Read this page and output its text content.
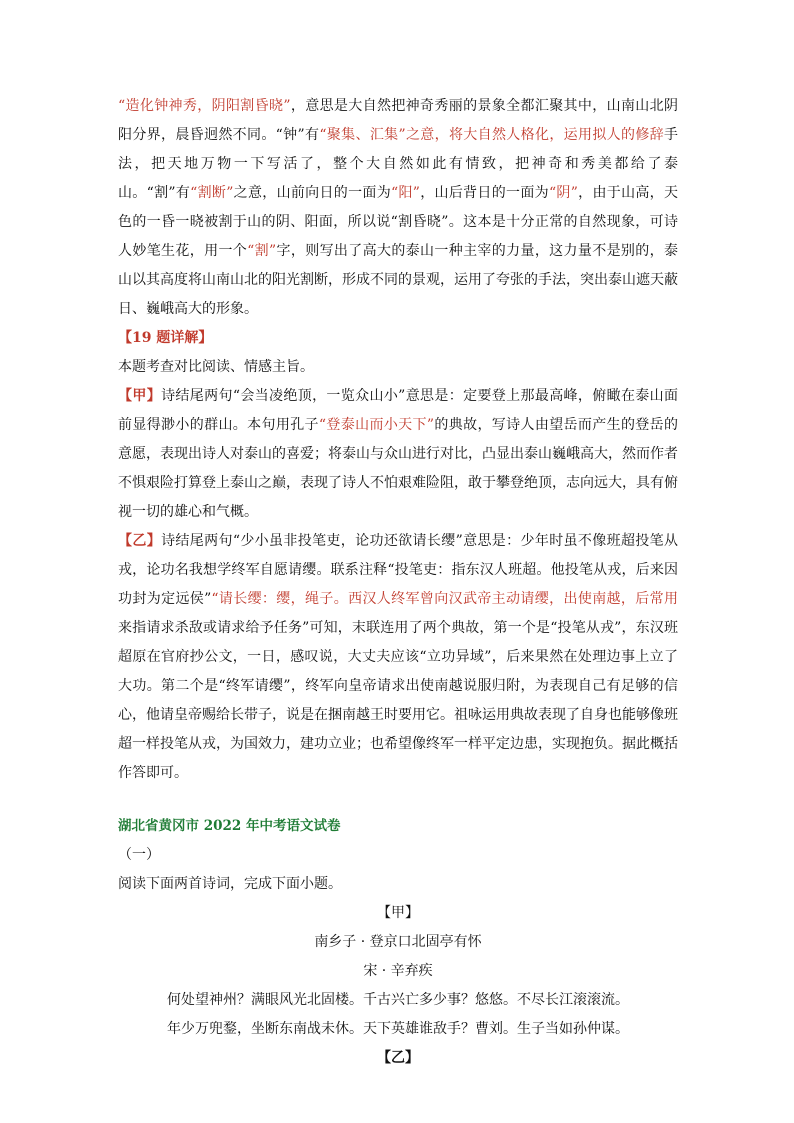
“造化钟神秀，阴阳割昏晓”，意思是大自然把神奇秀丽的景象全都汇聚其中，山南山北阴阳分界，晨昏迥然不同。“钟”有“聚集、汇集”之意，将大自然人格化，运用拟人的修辞手法，把天地万物一下写活了，整个大自然如此有情致，把神奇和秀美都给了泰山。“割”有“割断”之意，山前向日的一面为“阳”，山后背日的一面为“阴”，由于山高，天色的一昏一晓被割于山的阴、阳面，所以说“割昏晓”。这本是十分正常的自然现象，可诗人妙笔生花，用一个“割”字，则写出了高大的泰山一种主宰的力量，这力量不是别的，泰山以其高度将山南山北的阳光割断，形成不同的景观，运用了夸张的手法，突出泰山遮天蔽日、巍峨高大的形象。

【19 题详解】

本题考查对比阅读、情感主旨。

【甲】诗结尾两句“会当凌绝顶，一览众山小”意思是：定要登上那最高峰，俯瞰在泰山面前显得渺小的群山。本句用孔子“登泰山而小天下”的典故，写诗人由望岳而产生的登岳的意愿，表现出诗人对泰山的喜爱；将泰山与众山进行对比，凸显出泰山巍峨高大，然而作者不惧艰险打算登上泰山之巅，表现了诗人不怕艰难险阻，敢于攀登绝顶，志向远大，具有俯视一切的雄心和气概。

【乙】诗结尾两句“少小虽非投笔吏，论功还欲请长缨”意思是：少年时虽不像班超投笔从戎，论功名我想学终军自愿请缨。联系注释“投笔吏：指东汉人班超。他投笔从戎，后来因功封为定远侯”“请长缨：缨，绳子。西汉人终军曾向汉武帝主动请缨，出使南越，后常用来指请求杀敌或请求给予任务”可知，末联连用了两个典故，第一个是“投笔从戎”，东汉班超原在官府抄公文，一日，感叹说，大丈夫应该“立功异域”，后来果然在处理边事上立了大功。第二个是“终军请缨”，终军向皇帝请求出使南越说服归附，为表现自己有足够的信心，他请皇帝赐给长带子，说是在捆南越王时要用它。祖咏运用典故表现了自身也能够像班超一样投笔从戎，为国效力，建功立业；也希望像终军一样平定边患，实现抱负。据此概括作答即可。

湖北省黄冈市 2022 年中考语文试卷

（一）

阅读下面两首诗词，完成下面小题。

【甲】

南乡子 · 登京口北固亭有怀

宋 · 辛弃疾

何处望神州？满眼风光北固楼。千古兴亡多少事？悠悠。不尽长江滚滚流。

年少万兜鍪，坐断东南战未休。天下英雄谁敌手？曹刘。生子当如孙仲谋。

【乙】
